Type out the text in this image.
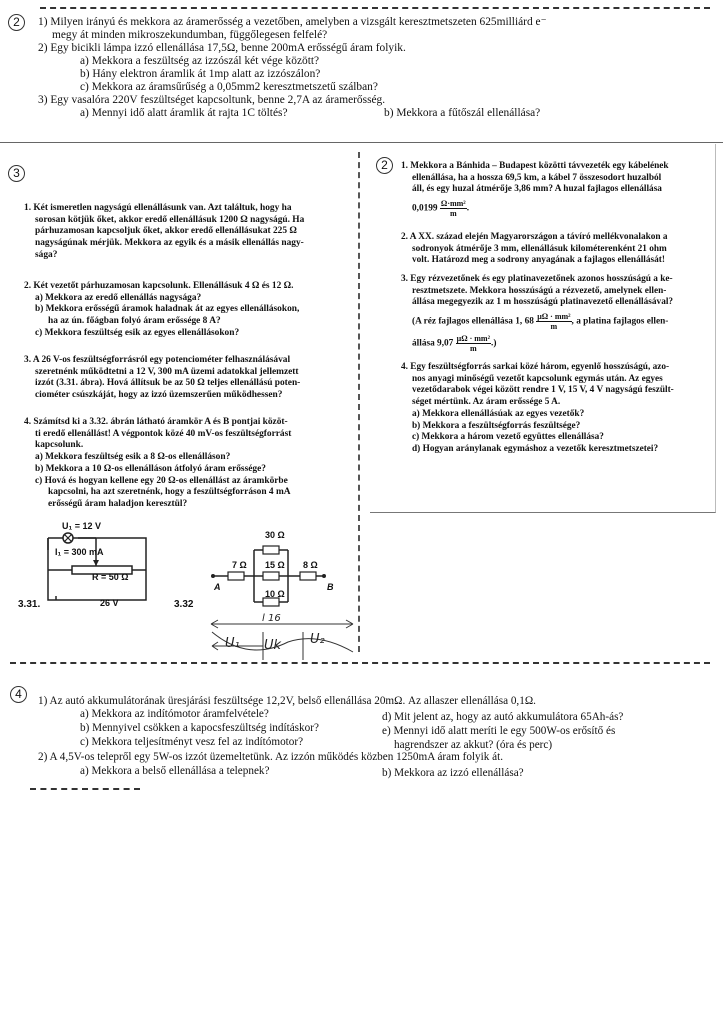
2	1) Milyen irányú és mekkora az áramerősség a vezetőben, amelyben a vizsgált keresztmetszeten 625milliárd e⁻
megy át minden mikroszekundumban, függőlegesen felfelé?
2) Egy bicikli lámpa izzó ellenállása 17,5Ω, benne 200mA erősségű áram folyik.
a) Mekkora a feszültség az izzószál két vége között?
b) Hány elektron áramlik át 1mp alatt az izzószálon?
c) Mekkora az áramsűrűség a 0,05mm2 keresztmetszetű szálban?
3) Egy vasalóra 220V feszültséget kapcsoltunk, benne 2,7A az áramerősség.
a) Mennyi idő alatt áramlik át rajta 1C töltés?	b) Mekkora a fűtőszál ellenállása?
3
1. Két ismeretlen nagyságú ellenállásunk van. Azt találtuk, hogy ha
sorosan kötjük őket, akkor eredő ellenállásuk 1200 Ω nagyságú. Ha
párhuzamosan kapcsoljuk őket, akkor eredő ellenállásukat 225 Ω
nagyságúnak mérjük. Mekkora az egyik és a másik ellenállás nagy-
sága?
2. Két vezetőt párhuzamosan kapcsolunk. Ellenállásuk 4 Ω és 12 Ω.
a) Mekkora az eredő ellenállás nagysága?
b) Mekkora erősségű áramok haladnak át az egyes ellenállásokon,
ha az ún. főágban folyó áram erőssége 8 A?
c) Mekkora feszültség esik az egyes ellenállásokon?
3. A 26 V-os feszültségforrásról egy potenciométer felhasználásával
szeretnénk működtetni a 12 V, 300 mA üzemi adatokkal jellemzett
izzót (3.31. ábra). Hová állítsuk be az 50 Ω teljes ellenállású poten-
ciométer csúszkáját, hogy az izzó üzemszerűen működhessen?
4. Számítsd ki a 3.32. ábrán látható áramkör A és B pontjai közöt-
ti eredő ellenállást! A végpontok közé 40 mV-os feszültségforrást
kapcsolunk.
a) Mekkora feszültség esik a 8 Ω-os ellenálláson?
b) Mekkora a 10 Ω-os ellenálláson átfolyó áram erőssége?
c) Hová és hogyan kellene egy 20 Ω-os ellenállást az áramkörbe
kapcsolni, ha azt szeretnénk, hogy a feszültségforráson 4 mA
erősségű áram haladjon keresztül?
U₁ = 12 V
I₁ = 300 mA
R = 50 Ω
26 V
3.31.
30 Ω
7 Ω 15 Ω 8 Ω
10 Ω
A	B
3.32
l 16
U₁ Uk U₂
2	1. Mekkora a Bánhida – Budapest közötti távvezeték egy kábelének
ellenállása, ha a hossza 69,5 km, a kábel 7 összesodort huzalból
áll, és egy huzal átmérője 3,86 mm? A huzal fajlagos ellenállása
$0,0199 \frac{\text{Ω·mm²}}{m}$ .
2. A XX. század elején Magyarországon a távíró mellékvonalakon a
sodronyok átmérője 3 mm, ellenállásuk kilométerenként 21 ohm
volt. Határozd meg a sodrony anyagának a fajlagos ellenállását!
3. Egy rézvezetőnek és egy platinavezetőnek azonos hosszúságú a ke-
resztmetszete. Mekkora hosszúságú a rézvezető, amelynek ellen-
állása megegyezik az 1 m hosszúságú platinavezető ellenállásával?
(A réz fajlagos ellenállása 1, $68 \frac{\text{μΩ · mm²}}{m}$ , a platina fajlagos ellen-
állása $9,07 \frac{\text{μΩ · mm²}}{m}$ .)
4. Egy feszültségforrás sarkai közé három, egyenlő hosszúságú, azo-
nos anyagi minőségű vezetőt kapcsolunk egymás után. Az egyes
vezetődarabok végei között rendre 1 V, 15 V, 4 V nagyságú feszült-
séget mértünk. Az áram erőssége 5 A.
a) Mekkora ellenállásúak az egyes vezetők?
b) Mekkora a feszültségforrás feszültsége?
c) Mekkora a három vezető együttes ellenállása?
d) Hogyan aránylanak egymáshoz a vezetők keresztmetszetei?
4	1) Az autó akkumulátorának üresjárási feszültsége 12,2V, belső ellenállása 20mΩ. Az allaszer ellenállása 0,1Ω.
a) Mekkora az indítómotor áramfelvétele?	d) Mit jelent az, hogy az autó akkumulátora 65Ah-ás?
b) Mennyivel csökken a kapocsfeszültség indításkor?	e) Mennyi idő alatt meríti le egy 500W-os erősítő és
c) Mekkora teljesítményt vesz fel az indítómotor?	hagrendszer az akkut? (óra és perc)
2) A 4,5V-os telepről egy 5W-os izzót üzemeltetünk. Az izzón működés közben 1250mA áram folyik át.
a) Mekkora a belső ellenállása a telepnek?	b) Mekkora az izzó ellenállása?
